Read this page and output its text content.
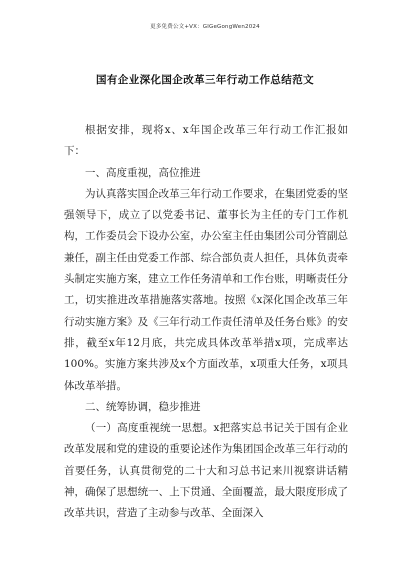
更多免费公文+VX：GlGeGongWen2024
国有企业深化国企改革三年行动工作总结范文

根据安排，现将x、x年国企改革三年行动工作汇报如下：

一、高度重视，高位推进

为认真落实国企改革三年行动工作要求，在集团党委的坚强领导下，成立了以党委书记、董事长为主任的专门工作机构，工作委员会下设办公室，办公室主任由集团公司分管副总兼任，副主任由党委工作部、综合部负责人担任，具体负责牵头制定实施方案，建立工作任务清单和工作台账，明晰责任分工，切实推进改革措施落实落地。按照《x深化国企改革三年行动实施方案》及《三年行动工作责任清单及任务台账》的安排，截至x年12月底，共完成具体改革举措x项，完成率达100%。实施方案共涉及x个方面改革，x项重大任务，x项具体改革举措。

二、统筹协调，稳步推进

（一）高度重视统一思想。x把落实总书记关于国有企业改革发展和党的建设的重要论述作为集团国企改革三年行动的首要任务，认真贯彻党的二十大和习总书记来川视察讲话精神，确保了思想统一、上下贯通、全面覆盖，最大限度形成了改革共识，营造了主动参与改革、全面深入
